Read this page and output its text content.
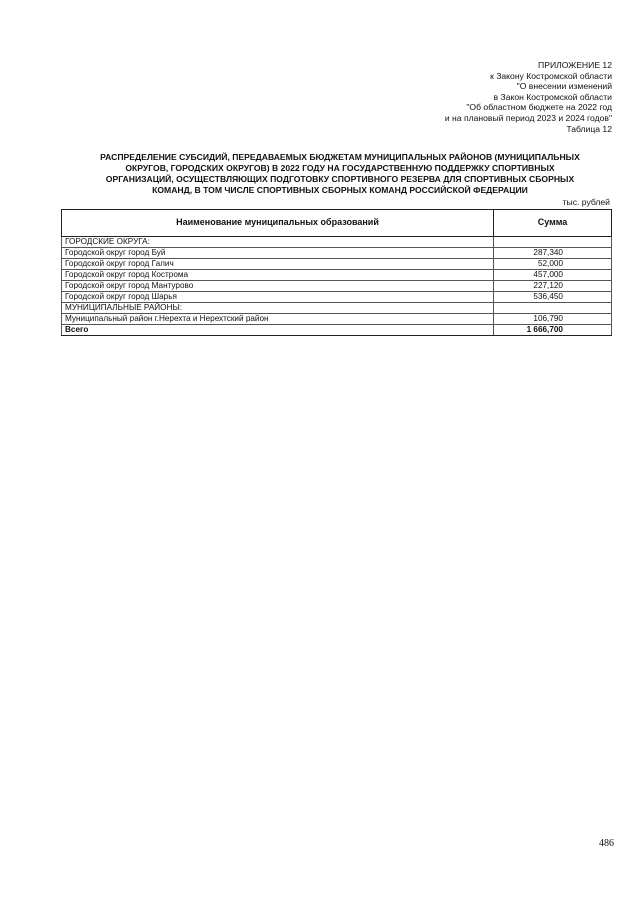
ПРИЛОЖЕНИЕ 12
к Закону Костромской области
"О внесении изменений
в Закон Костромской области
"Об областном бюджете на 2022 год
и на плановый период 2023 и 2024 годов"
Таблица 12
РАСПРЕДЕЛЕНИЕ СУБСИДИЙ, ПЕРЕДАВАЕМЫХ БЮДЖЕТАМ МУНИЦИПАЛЬНЫХ РАЙОНОВ (МУНИЦИПАЛЬНЫХ
ОКРУГОВ, ГОРОДСКИХ ОКРУГОВ) В 2022 ГОДУ НА ГОСУДАРСТВЕННУЮ ПОДДЕРЖКУ СПОРТИВНЫХ
ОРГАНИЗАЦИЙ, ОСУЩЕСТВЛЯЮЩИХ ПОДГОТОВКУ СПОРТИВНОГО РЕЗЕРВА ДЛЯ СПОРТИВНЫХ СБОРНЫХ
КОМАНД, В ТОМ ЧИСЛЕ СПОРТИВНЫХ СБОРНЫХ КОМАНД РОССИЙСКОЙ ФЕДЕРАЦИИ
тыс. рублей
Наименование муниципальных образований	Сумма
ГОРОДСКИЕ ОКРУГА:	
Городской округ город Буй	287,340
Городской округ город Галич	52,000
Городской округ город Кострома	457,000
Городской округ город Мантурово	227,120
Городской округ город Шарья	536,450
МУНИЦИПАЛЬНЫЕ РАЙОНЫ:	
Муниципальный район г.Нерехта и Нерехтский район	106,790
Всего	1 666,700
486
